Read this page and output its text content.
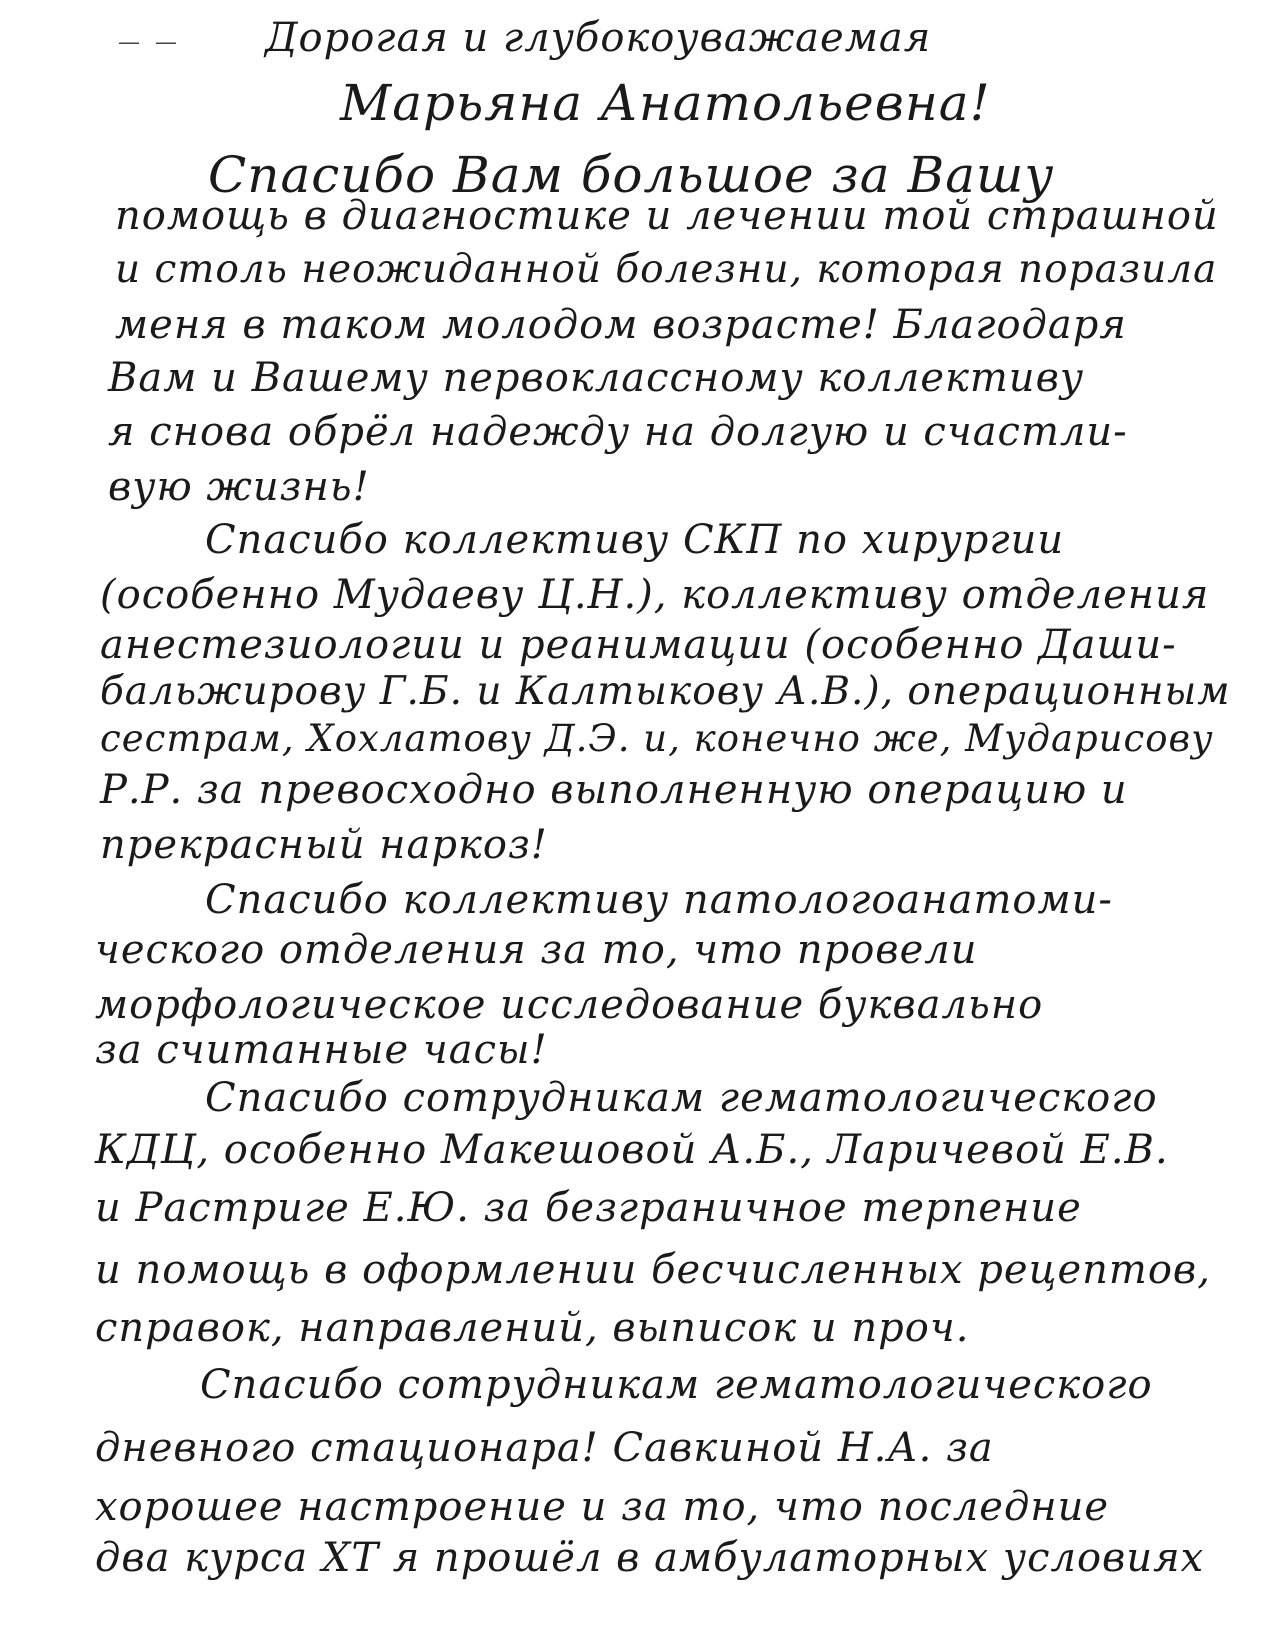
— — Дорогая и глубокоуважаемая
Марьяна Анатольевна!
Спасибо Вам большое за Вашу
помощь в диагностике и лечении той страшной
и столь неожиданной болезни, которая поразила
меня в таком молодом возрасте! Благодаря
Вам и Вашему первоклассному коллективу
я снова обрёл надежду на долгую и счастли-
вую жизнь!
Спасибо коллективу СКП по хирургии
(особенно Мудаеву Ц.Н.), коллективу отделения
анестезиологии и реанимации (особенно Даши-
бальжирову Г.Б. и Калтыкову А.В.), операционным
сестрам, Хохлатову Д.Э. и, конечно же, Мударисову
Р.Р. за превосходно выполненную операцию и
прекрасный наркоз!
Спасибо коллективу патологоанатоми-
ческого отделения за то, что провели
морфологическое исследование буквально
за считанные часы!
Спасибо сотрудникам гематологического
КДЦ, особенно Макешовой А.Б., Ларичевой Е.В.
и Растриге Е.Ю. за безграничное терпение
и помощь в оформлении бесчисленных рецептов,
справок, направлений, выписок и проч.
Спасибо сотрудникам гематологического
дневного стационара! Савкиной Н.А. за
хорошее настроение и за то, что последние
два курса ХТ я прошёл в амбулаторных условиях
